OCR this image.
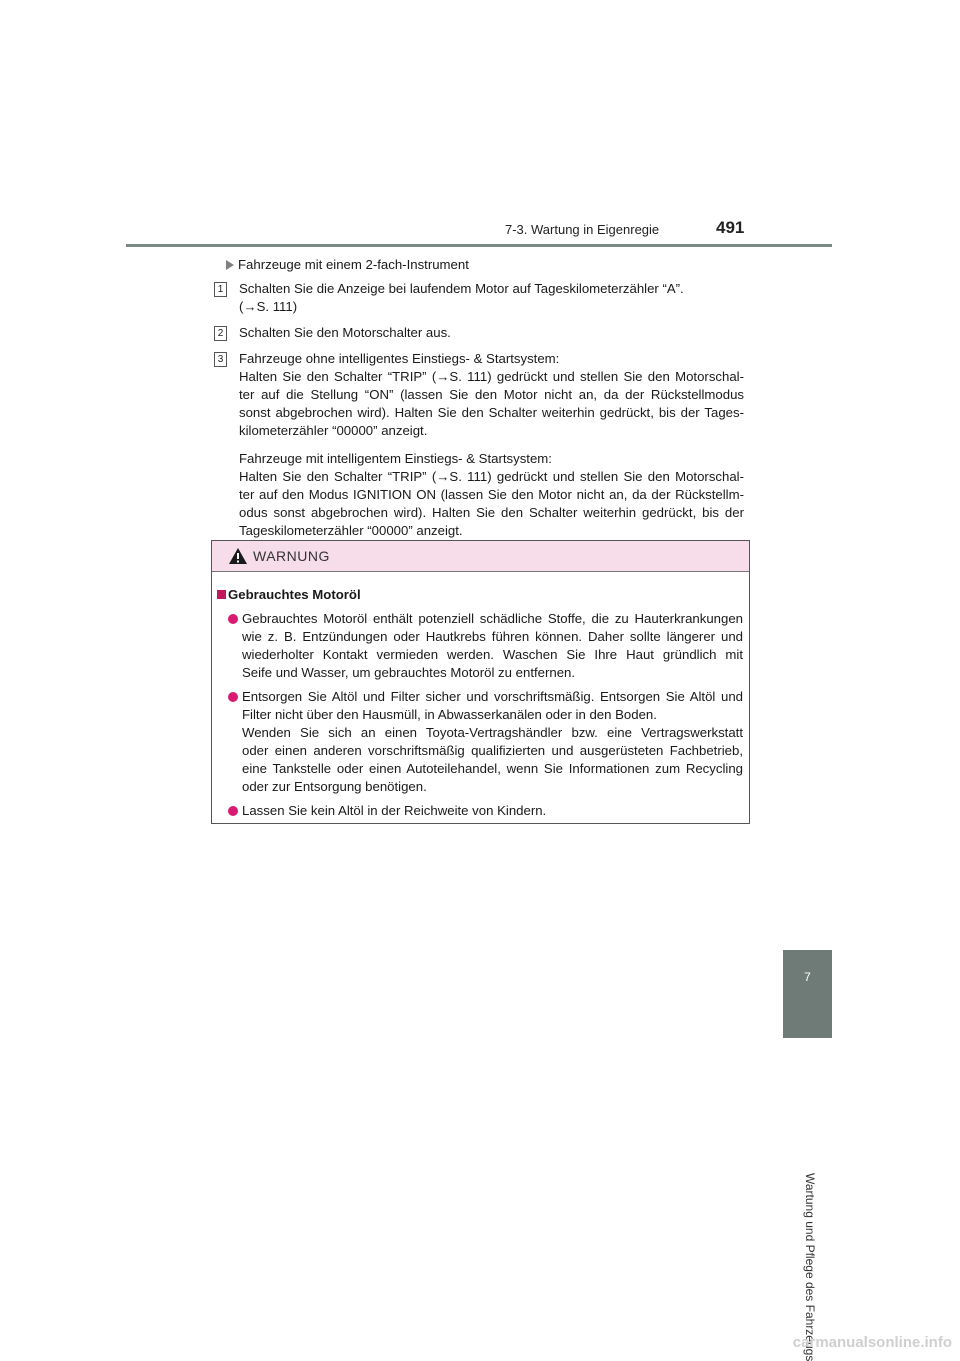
7-3. Wartung in Eigenregie	491
7
Wartung und Pflege des Fahrzeugs
Fahrzeuge mit einem 2-fach-Instrument
1 Schalten Sie die Anzeige bei laufendem Motor auf Tageskilometerzähler “A”.
(→S. 111)
2 Schalten Sie den Motorschalter aus.
3 Fahrzeuge ohne intelligentes Einstiegs- & Startsystem:
Halten Sie den Schalter “TRIP” (→S. 111) gedrückt und stellen Sie den Motorschal-
ter auf die Stellung “ON” (lassen Sie den Motor nicht an, da der Rückstellmodus
sonst abgebrochen wird). Halten Sie den Schalter weiterhin gedrückt, bis der Tages-
kilometerzähler “00000” anzeigt.
Fahrzeuge mit intelligentem Einstiegs- & Startsystem:
Halten Sie den Schalter “TRIP” (→S. 111) gedrückt und stellen Sie den Motorschal-
ter auf den Modus IGNITION ON (lassen Sie den Motor nicht an, da der Rückstellm-
odus sonst abgebrochen wird). Halten Sie den Schalter weiterhin gedrückt, bis der
Tageskilometerzähler “00000” anzeigt.
WARNUNG
Gebrauchtes Motoröl
Gebrauchtes Motoröl enthält potenziell schädliche Stoffe, die zu Hauterkrankungen
wie z. B. Entzündungen oder Hautkrebs führen können. Daher sollte längerer und
wiederholter Kontakt vermieden werden. Waschen Sie Ihre Haut gründlich mit
Seife und Wasser, um gebrauchtes Motoröl zu entfernen.
Entsorgen Sie Altöl und Filter sicher und vorschriftsmäßig. Entsorgen Sie Altöl und
Filter nicht über den Hausmüll, in Abwasserkanälen oder in den Boden.
Wenden Sie sich an einen Toyota-Vertragshändler bzw. eine Vertragswerkstatt
oder einen anderen vorschriftsmäßig qualifizierten und ausgerüsteten Fachbetrieb,
eine Tankstelle oder einen Autoteilehandel, wenn Sie Informationen zum Recycling
oder zur Entsorgung benötigen.
Lassen Sie kein Altöl in der Reichweite von Kindern.
carmanualsonline.info
